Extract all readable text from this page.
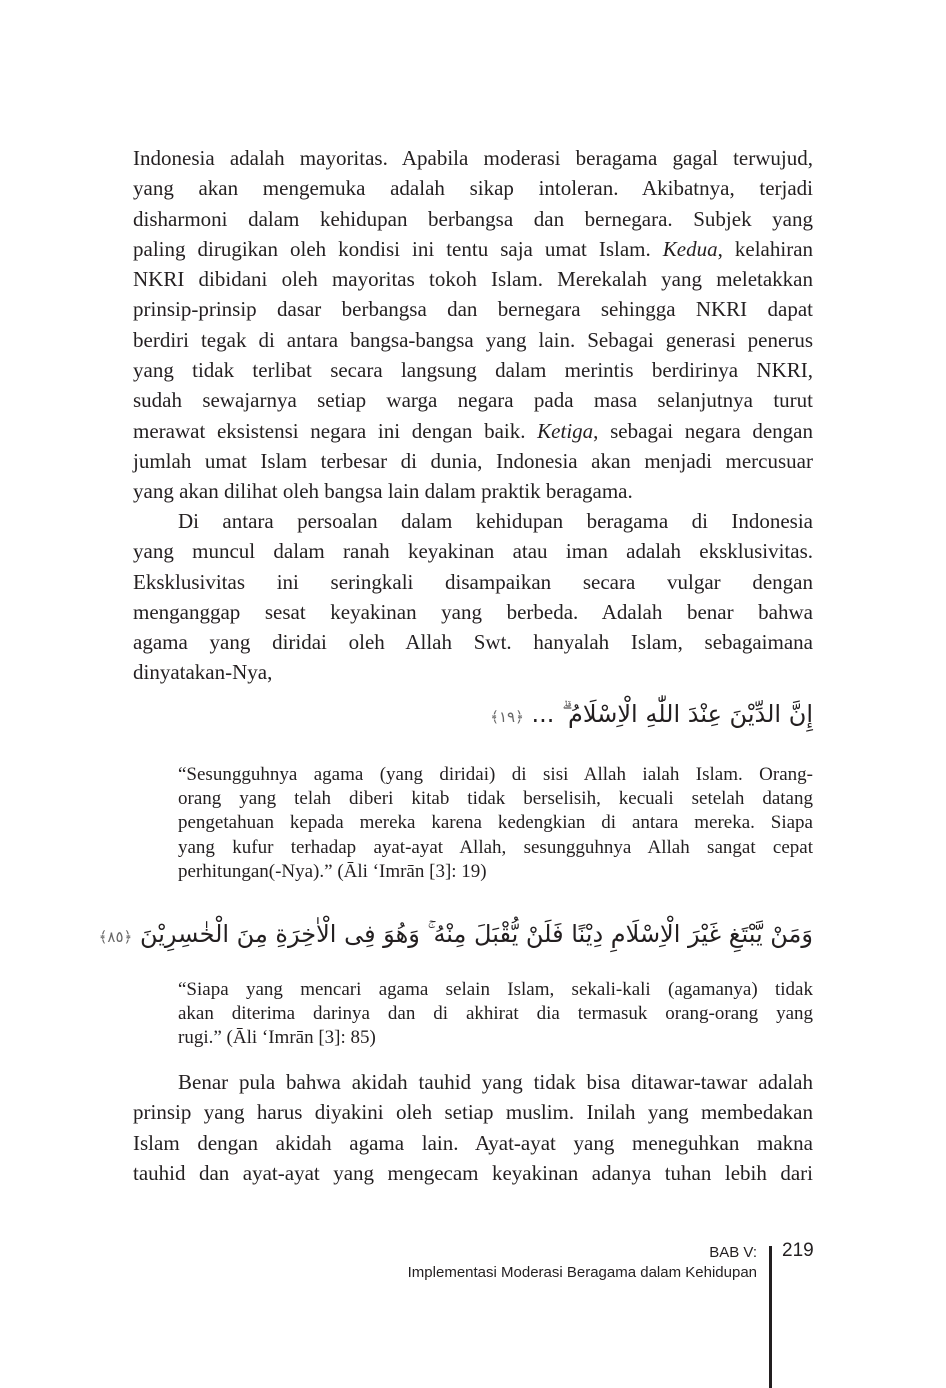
Indonesia adalah mayoritas. Apabila moderasi beragama gagal terwujud,
yang akan mengemuka adalah sikap intoleran. Akibatnya, terjadi
disharmoni dalam kehidupan berbangsa dan bernegara. Subjek yang
paling dirugikan oleh kondisi ini tentu saja umat Islam. Kedua, kelahiran
NKRI dibidani oleh mayoritas tokoh Islam. Merekalah yang meletakkan
prinsip-prinsip dasar berbangsa dan bernegara sehingga NKRI dapat
berdiri tegak di antara bangsa-bangsa yang lain. Sebagai generasi penerus
yang tidak terlibat secara langsung dalam merintis berdirinya NKRI,
sudah sewajarnya setiap warga negara pada masa selanjutnya turut
merawat eksistensi negara ini dengan baik. Ketiga, sebagai negara dengan
jumlah umat Islam terbesar di dunia, Indonesia akan menjadi mercusuar
yang akan dilihat oleh bangsa lain dalam praktik beragama.
Di antara persoalan dalam kehidupan beragama di Indonesia
yang muncul dalam ranah keyakinan atau iman adalah eksklusivitas.
Eksklusivitas ini seringkali disampaikan secara vulgar dengan
menganggap sesat keyakinan yang berbeda. Adalah benar bahwa
agama yang diridai oleh Allah Swt. hanyalah Islam, sebagaimana
dinyatakan-Nya,
إِنَّ الدِّيْنَ عِنْدَ اللّٰهِ الْاِسْلَامُ ۗ ... ﴿١٩﴾
“Sesungguhnya agama (yang diridai) di sisi Allah ialah Islam. Orang-
orang yang telah diberi kitab tidak berselisih, kecuali setelah datang
pengetahuan kepada mereka karena kedengkian di antara mereka. Siapa
yang kufur terhadap ayat-ayat Allah, sesungguhnya Allah sangat cepat
perhitungan(-Nya).” (Āli ‘Imrān [3]: 19)
وَمَنْ يَّبْتَغِ غَيْرَ الْاِسْلَامِ دِيْنًا فَلَنْ يُّقْبَلَ مِنْهُ ۚ وَهُوَ فِى الْاٰخِرَةِ مِنَ الْخٰسِرِيْنَ ﴿٨٥﴾
“Siapa yang mencari agama selain Islam, sekali-kali (agamanya) tidak
akan diterima darinya dan di akhirat dia termasuk orang-orang yang
rugi.” (Āli ‘Imrān [3]: 85)
Benar pula bahwa akidah tauhid yang tidak bisa ditawar-tawar adalah
prinsip yang harus diyakini oleh setiap muslim. Inilah yang membedakan
Islam dengan akidah agama lain. Ayat-ayat yang meneguhkan makna
tauhid dan ayat-ayat yang mengecam keyakinan adanya tuhan lebih dari
BAB V:
Implementasi Moderasi Beragama dalam Kehidupan
219
